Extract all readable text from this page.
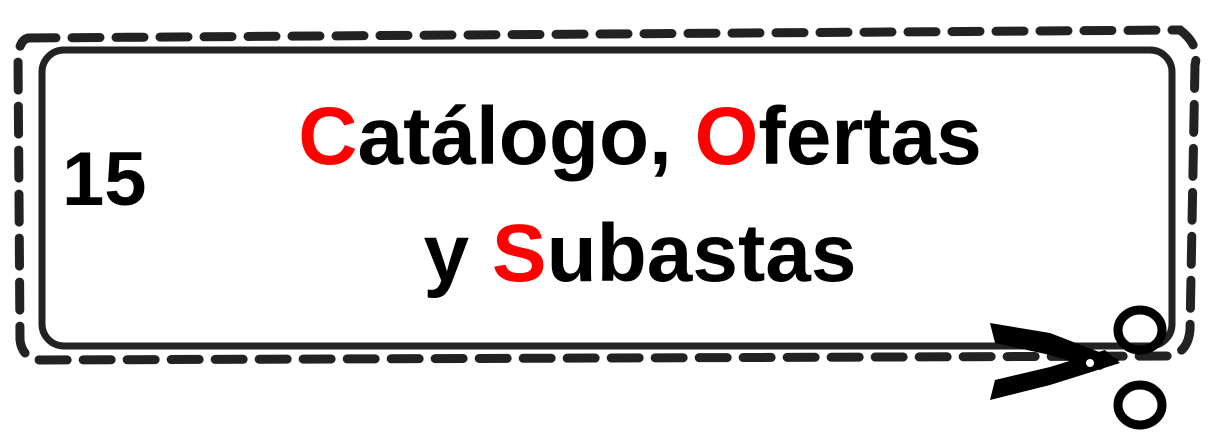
15	Catálogo, Ofertas
y Subastas
